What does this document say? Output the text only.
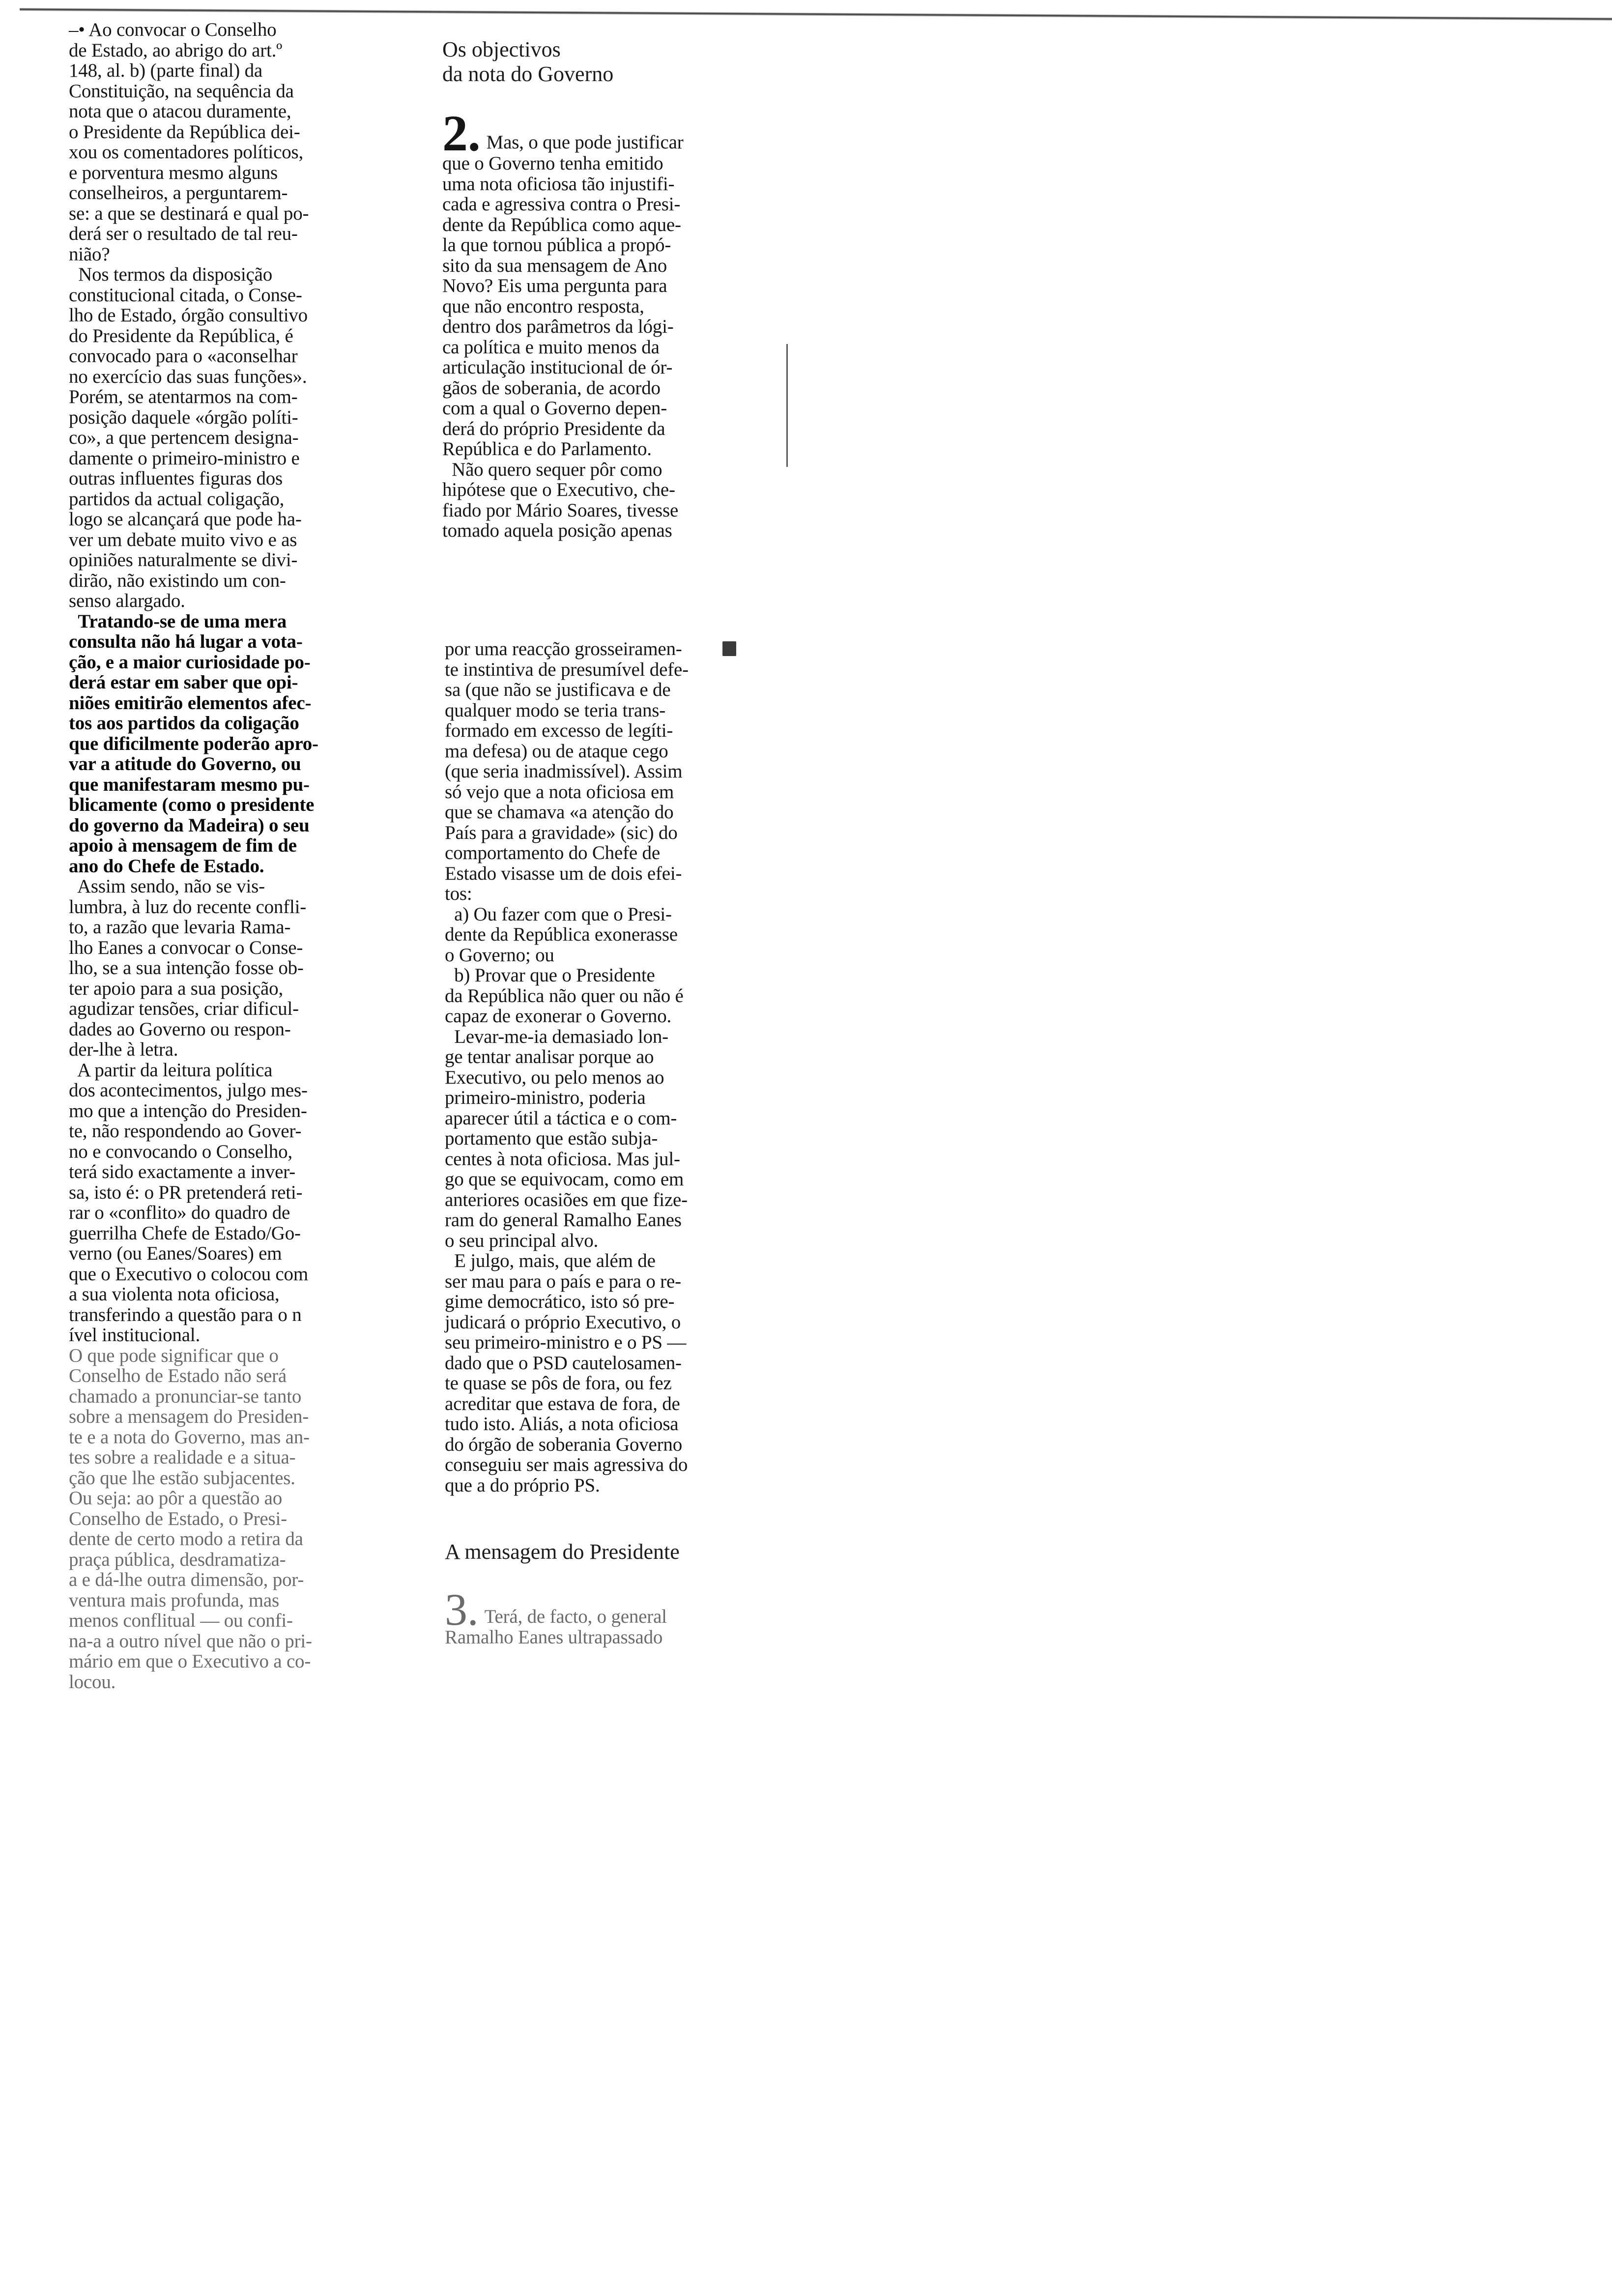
–• Ao convocar o Conselho
de Estado, ao abrigo do art.º
148, al. b) (parte final) da
Constituição, na sequência da
nota que o atacou duramente,
o Presidente da República dei-
xou os comentadores políticos,
e porventura mesmo alguns
conselheiros, a perguntarem-
se: a que se destinará e qual po-
derá ser o resultado de tal reu-
nião?

Nos termos da disposição
constitucional citada, o Conse-
lho de Estado, órgão consultivo
do Presidente da República, é
convocado para o «aconselhar
no exercício das suas funções».
Porém, se atentarmos na com-
posição daquele «órgão políti-
co», a que pertencem designa-
damente o primeiro-ministro e
outras influentes figuras dos
partidos da actual coligação,
logo se alcançará que pode ha-
ver um debate muito vivo e as
opiniões naturalmente se divi-
dirão, não existindo um con-
senso alargado.

Tratando-se de uma mera
consulta não há lugar a vota-
ção, e a maior curiosidade po-
derá estar em saber que opi-
niões emitirão elementos afec-
tos aos partidos da coligação
que dificilmente poderão apro-
var a atitude do Governo, ou
que manifestaram mesmo pu-
blicamente (como o presidente
do governo da Madeira) o seu
apoio à mensagem de fim de
ano do Chefe de Estado.

Assim sendo, não se vis-
lumbra, à luz do recente confli-
to, a razão que levaria Rama-
lho Eanes a convocar o Conse-
lho, se a sua intenção fosse ob-
ter apoio para a sua posição,
agudizar tensões, criar dificul-
dades ao Governo ou respon-
der-lhe à letra.

A partir da leitura política
dos acontecimentos, julgo mes-
mo que a intenção do Presiden-
te, não respondendo ao Gover-
no e convocando o Conselho,
terá sido exactamente a inver-
sa, isto é: o PR pretenderá reti-
rar o «conflito» do quadro de
guerrilha Chefe de Estado/Go-
verno (ou Eanes/Soares) em
que o Executivo o colocou com
a sua violenta nota oficiosa,
transferindo a questão para o n
ível institucional.

O que pode significar que o
Conselho de Estado não será
chamado a pronunciar-se tanto
sobre a mensagem do Presiden-
te e a nota do Governo, mas an-
tes sobre a realidade e a situa-
ção que lhe estão subjacentes.

Ou seja: ao pôr a questão ao
Conselho de Estado, o Presi-
dente de certo modo a retira da
praça pública, desdramatiza-
a e dá-lhe outra dimensão, por-
ventura mais profunda, mas
menos conflitual — ou confi-
na-a a outro nível que não o pri-
mário em que o Executivo a co-
locou.

Os objectivos
da nota do Governo

2. Mas, o que pode justificar
que o Governo tenha emitido
uma nota oficiosa tão injustifi-
cada e agressiva contra o Presi-
dente da República como aque-
la que tornou pública a propó-
sito da sua mensagem de Ano
Novo? Eis uma pergunta para
que não encontro resposta,
dentro dos parâmetros da lógi-
ca política e muito menos da
articulação institucional de ór-
gãos de soberania, de acordo
com a qual o Governo depen-
derá do próprio Presidente da
República e do Parlamento.

Não quero sequer pôr como
hipótese que o Executivo, che-
fiado por Mário Soares, tivesse
tomado aquela posição apenas

por uma reacção grosseiramen-
te instintiva de presumível defe-
sa (que não se justificava e de
qualquer modo se teria trans-
formado em excesso de legíti-
ma defesa) ou de ataque cego
(que seria inadmissível). Assim
só vejo que a nota oficiosa em
que se chamava «a atenção do
País para a gravidade» (sic) do
comportamento do Chefe de
Estado visasse um de dois efei-
tos:

a) Ou fazer com que o Presi-
dente da República exonerasse
o Governo; ou

b) Provar que o Presidente
da República não quer ou não é
capaz de exonerar o Governo.

Levar-me-ia demasiado lon-
ge tentar analisar porque ao
Executivo, ou pelo menos ao
primeiro-ministro, poderia
aparecer útil a táctica e o com-
portamento que estão subja-
centes à nota oficiosa. Mas jul-
go que se equivocam, como em
anteriores ocasiões em que fize-
ram do general Ramalho Eanes
o seu principal alvo.

E julgo, mais, que além de
ser mau para o país e para o re-
gime democrático, isto só pre-
judicará o próprio Executivo, o
seu primeiro-ministro e o PS —
dado que o PSD cautelosamen-
te quase se pôs de fora, ou fez
acreditar que estava de fora, de
tudo isto. Aliás, a nota oficiosa
do órgão de soberania Governo
conseguiu ser mais agressiva do
que a do próprio PS.

A mensagem do Presidente

3. Terá, de facto, o general
Ramalho Eanes ultrapassado
